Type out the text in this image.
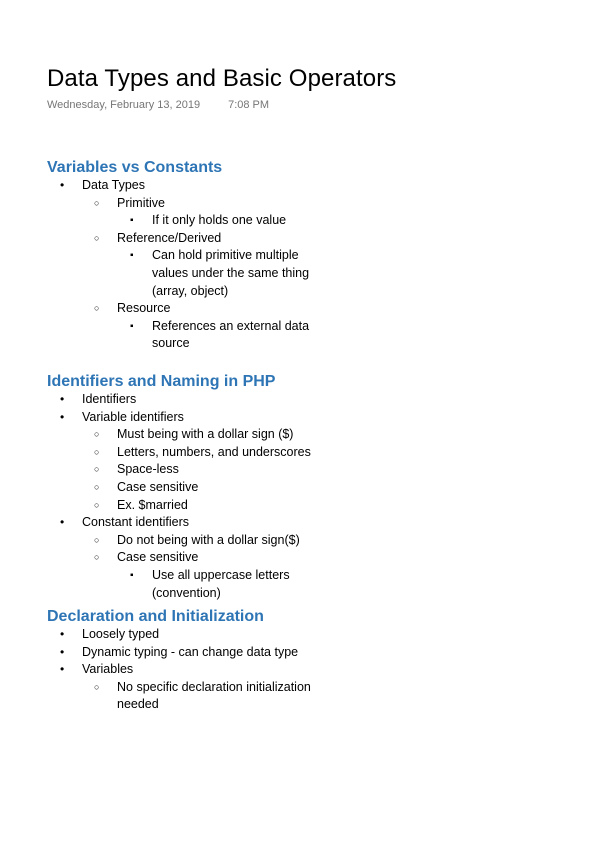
Data Types and Basic Operators
Wednesday, February 13, 2019	7:08 PM
Variables vs Constants
• Data Types
○ Primitive
▪ If it only holds one value
○ Reference/Derived
▪ Can hold primitive multiple values under the same thing (array, object)
○ Resource
▪ References an external data source
Identifiers and Naming in PHP
• Identifiers
• Variable identifiers
○ Must being with a dollar sign ($)
○ Letters, numbers, and underscores
○ Space-less
○ Case sensitive
○ Ex. $married
• Constant identifiers
○ Do not being with a dollar sign($)
○ Case sensitive
▪ Use all uppercase letters (convention)
Declaration and Initialization
• Loosely typed
• Dynamic typing - can change data type
• Variables
○ No specific declaration initialization needed
